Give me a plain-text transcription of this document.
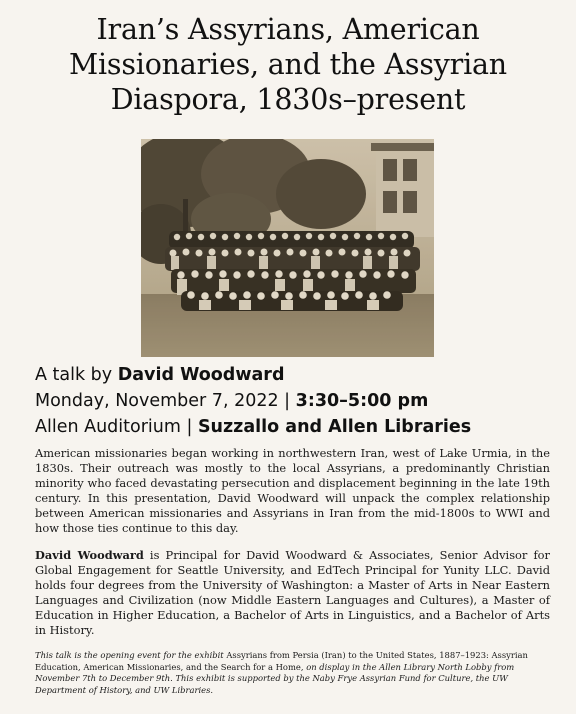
Iran’s Assyrians, American
Missionaries, and the Assyrian
Diaspora, 1830s–present
A talk by David Woodward
Monday, November 7, 2022 | 3:30–5:00 pm
Allen Auditorium | Suzzallo and Allen Libraries

American missionaries began working in northwestern Iran, west of Lake Urmia, in the 1830s. Their outreach was mostly to the local Assyrians, a predominantly Christian minority who faced devastating persecution and displacement beginning in the late 19th century. In this presentation, David Woodward will unpack the complex relationship between American missionaries and Assyrians in Iran from the mid-1800s to WWI and how those ties continue to this day.

David Woodward is Principal for David Woodward & Associates, Senior Advisor for Global Engagement for Seattle University, and EdTech Principal for Yunity LLC. David holds four degrees from the University of Washington: a Master of Arts in Near Eastern Languages and Civilization (now Middle Eastern Languages and Cultures), a Master of Education in Higher Education, a Bachelor of Arts in Linguistics, and a Bachelor of Arts in History.

This talk is the opening event for the exhibit Assyrians from Persia (Iran) to the United States, 1887–1923: Assyrian Education, American Missionaries, and the Search for a Home, on display in the Allen Library North Lobby from November 7th to December 9th. This exhibit is supported by the Naby Frye Assyrian Fund for Culture, the UW Department of History, and UW Libraries.
